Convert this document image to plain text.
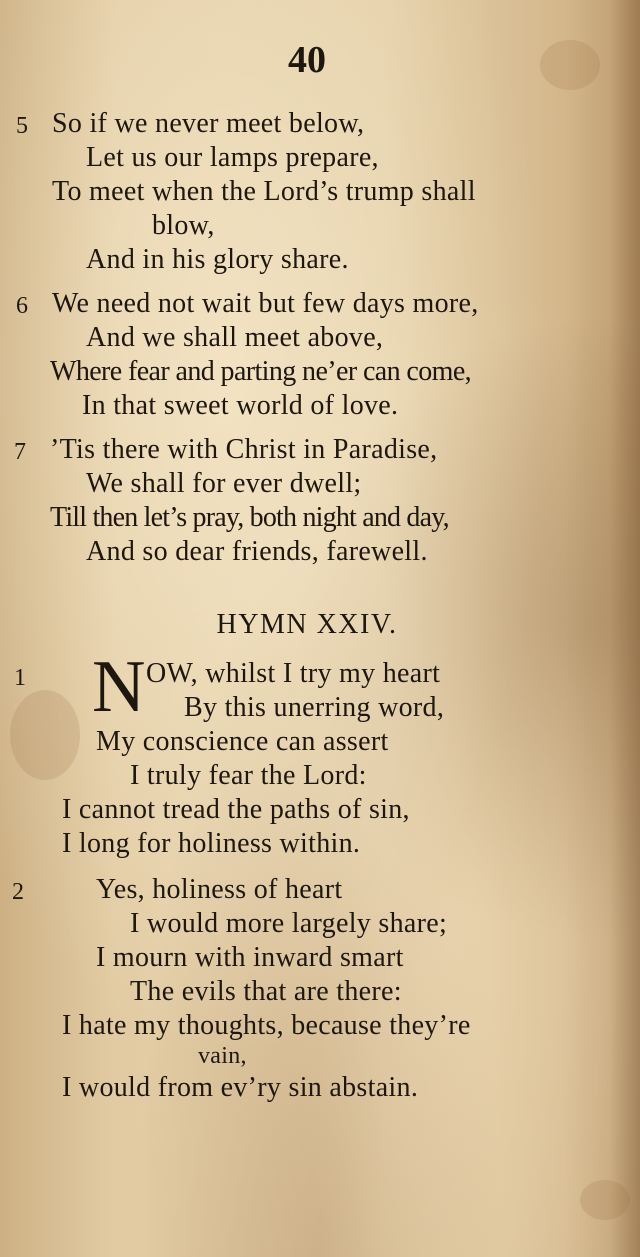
40
5 So if we never meet below,
Let us our lamps prepare,
To meet when the Lord’s trump shall
blow,
And in his glory share.
6 We need not wait but few days more,
And we shall meet above,
Where fear and parting ne’er can come,
In that sweet world of love.
7 ’Tis there with Christ in Paradise,
We shall for ever dwell;
Till then let’s pray, both night and day,
And so dear friends, farewell.
HYMN XXIV.
1 N OW, whilst I try my heart
By this unerring word,
My conscience can assert
I truly fear the Lord:
I cannot tread the paths of sin,
I long for holiness within.
2	Yes, holiness of heart
I would more largely share;
I mourn with inward smart
The evils that are there:
I hate my thoughts, because they’re
vain,
I would from ev’ry sin abstain.
